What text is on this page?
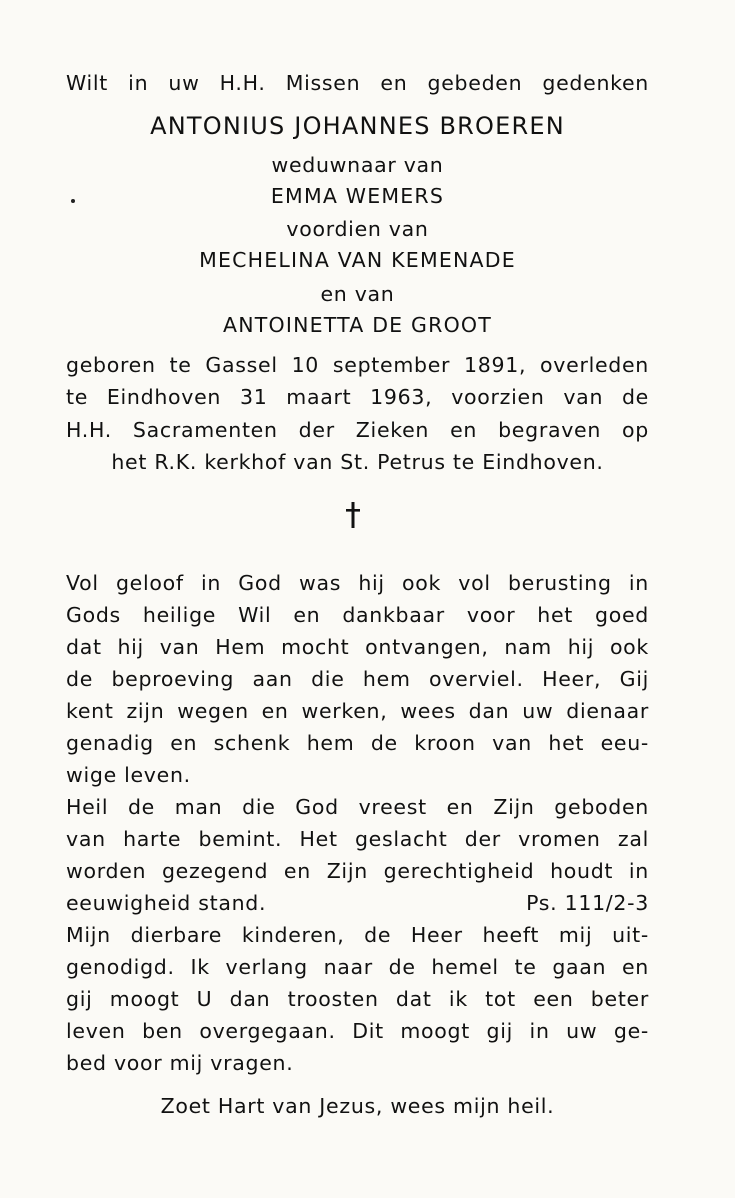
Wilt in uw H.H. Missen en gebeden gedenken

ANTONIUS JOHANNES BROEREN

weduwnaar van

EMMA WEMERS

voordien van

MECHELINA VAN KEMENADE

en van

ANTOINETTA DE GROOT

geboren te Gassel 10 september 1891, overleden

te Eindhoven 31 maart 1963, voorzien van de

H.H. Sacramenten der Zieken en begraven op

het R.K. kerkhof van St. Petrus te Eindhoven.

Vol geloof in God was hij ook vol berusting in

Gods heilige Wil en dankbaar voor het goed

dat hij van Hem mocht ontvangen, nam hij ook

de beproeving aan die hem overviel. Heer, Gij

kent zijn wegen en werken, wees dan uw dienaar

genadig en schenk hem de kroon van het eeu-

wige leven.

Heil de man die God vreest en Zijn geboden

van harte bemint. Het geslacht der vromen zal

worden gezegend en Zijn gerechtigheid houdt in

eeuwigheid stand.	Ps. 111/2-3

Mijn dierbare kinderen, de Heer heeft mij uit-

genodigd. Ik verlang naar de hemel te gaan en

gij moogt U dan troosten dat ik tot een beter

leven ben overgegaan. Dit moogt gij in uw ge-

bed voor mij vragen.

Zoet Hart van Jezus, wees mijn heil.
